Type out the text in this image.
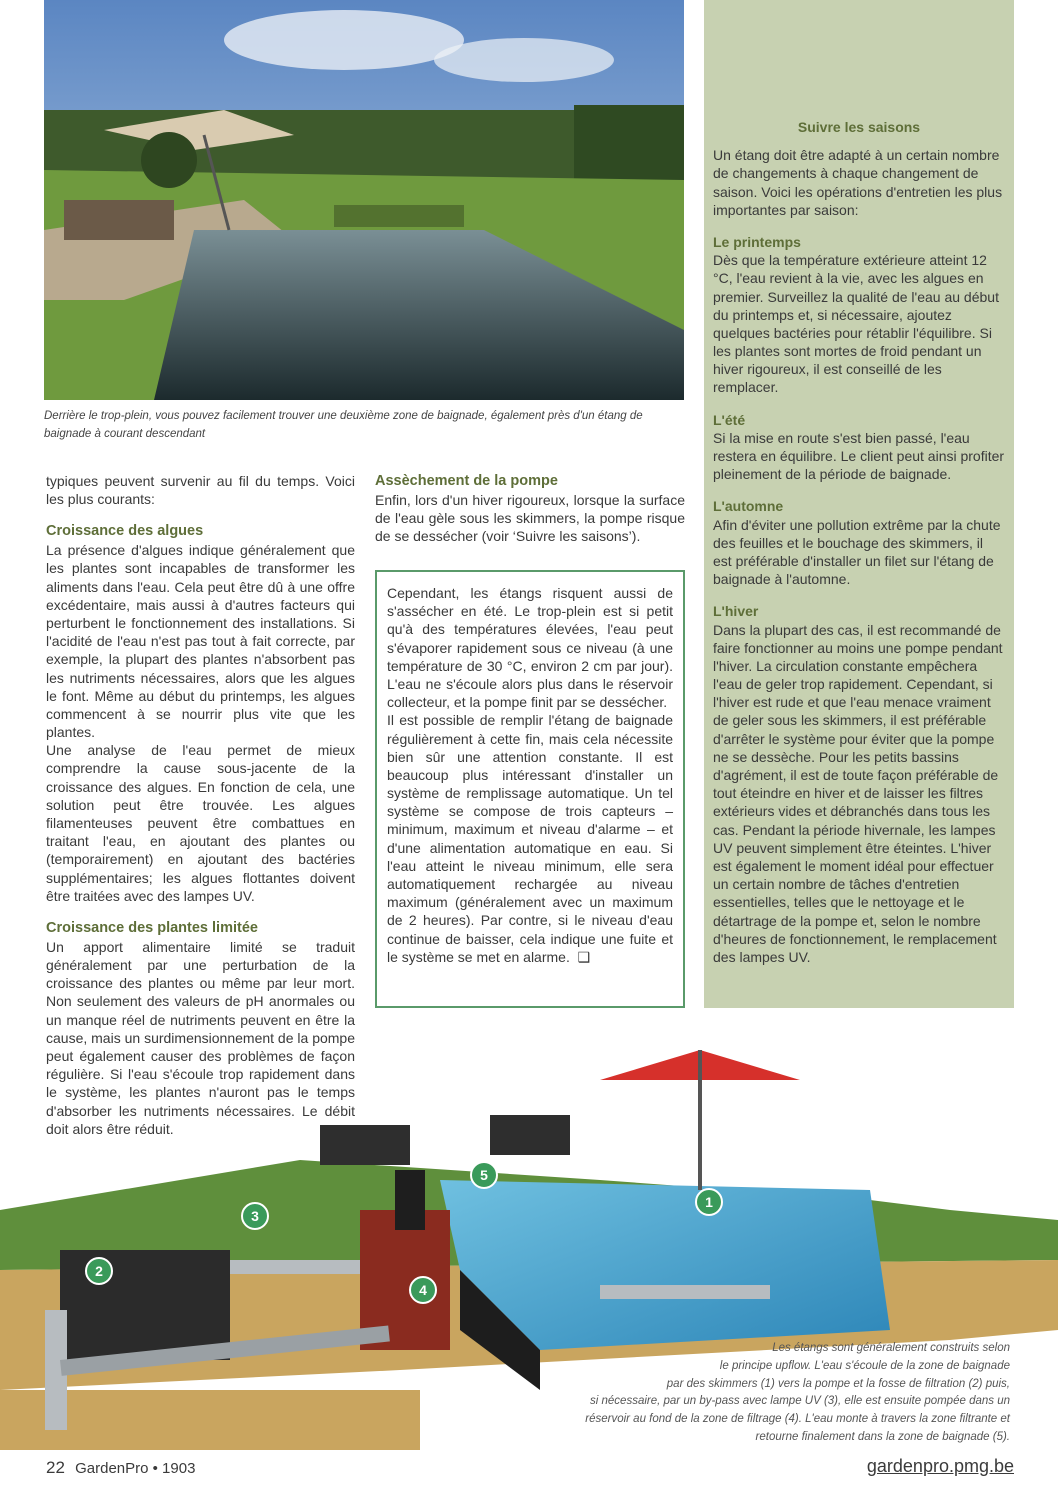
Derrière le trop-plein, vous pouvez facilement trouver une deuxième zone de baignade, également près d'un étang de baignade à courant descendant
Suivre les saisons

Un étang doit être adapté à un certain nombre de changements à chaque changement de saison. Voici les opérations d'entretien les plus importantes par saison:

Le printemps

Dès que la température extérieure atteint 12 °C, l'eau revient à la vie, avec les algues en premier. Surveillez la qualité de l'eau au début du printemps et, si nécessaire, ajoutez quelques bactéries pour rétablir l'équilibre. Si les plantes sont mortes de froid pendant un hiver rigoureux, il est conseillé de les remplacer.

L'été

Si la mise en route s'est bien passé, l'eau restera en équilibre. Le client peut ainsi profiter pleinement de la période de baignade.

L'automne

Afin d'éviter une pollution extrême par la chute des feuilles et le bouchage des skimmers, il est préférable d'installer un filet sur l'étang de baignade à l'automne.

L'hiver

Dans la plupart des cas, il est recommandé de faire fonctionner au moins une pompe pendant l'hiver. La circulation constante empêchera l'eau de geler trop rapidement. Cependant, si l'hiver est rude et que l'eau menace vraiment de geler sous les skimmers, il est préférable d'arrêter le système pour éviter que la pompe ne se dessèche. Pour les petits bassins d'agrément, il est de toute façon préférable de tout éteindre en hiver et de laisser les filtres extérieurs vides et débranchés dans tous les cas. Pendant la période hivernale, les lampes UV peuvent simplement être éteintes. L'hiver est également le moment idéal pour effectuer un certain nombre de tâches d'entretien essentielles, telles que le nettoyage et le détartrage de la pompe et, selon le nombre d'heures de fonctionnement, le remplacement des lampes UV.

typiques peuvent survenir au fil du temps. Voici les plus courants:

Croissance des algues

La présence d'algues indique généralement que les plantes sont incapables de transformer les aliments dans l'eau. Cela peut être dû à une offre excédentaire, mais aussi à d'autres facteurs qui perturbent le fonctionnement des installations. Si l'acidité de l'eau n'est pas tout à fait correcte, par exemple, la plupart des plantes n'absorbent pas les nutriments nécessaires, alors que les algues le font. Même au début du printemps, les algues commencent à se nourrir plus vite que les plantes.

Une analyse de l'eau permet de mieux comprendre la cause sous-jacente de la croissance des algues. En fonction de cela, une solution peut être trouvée. Les algues filamenteuses peuvent être combattues en traitant l'eau, en ajoutant des plantes ou (temporairement) en ajoutant des bactéries supplémentaires; les algues flottantes doivent être traitées avec des lampes UV.

Croissance des plantes limitée

Un apport alimentaire limité se traduit généralement par une perturbation de la croissance des plantes ou même par leur mort. Non seulement des valeurs de pH anormales ou un manque réel de nutriments peuvent en être la cause, mais un surdimensionnement de la pompe peut également causer des problèmes de façon régulière. Si l'eau s'écoule trop rapidement dans le système, les plantes n'auront pas le temps d'absorber les nutriments nécessaires. Le débit doit alors être réduit.

Assèchement de la pompe

Enfin, lors d'un hiver rigoureux, lorsque la surface de l'eau gèle sous les skimmers, la pompe risque de se dessécher (voir ‘Suivre les saisons’).

Cependant, les étangs risquent aussi de s'assécher en été. Le trop-plein est si petit qu'à des températures élevées, l'eau peut s'évaporer rapidement sous ce niveau (à une température de 30 °C, environ 2 cm par jour). L'eau ne s'écoule alors plus dans le réservoir collecteur, et la pompe finit par se dessécher.

Il est possible de remplir l'étang de baignade régulièrement à cette fin, mais cela nécessite bien sûr une attention constante. Il est beaucoup plus intéressant d'installer un système de remplissage automatique. Un tel système se compose de trois capteurs – minimum, maximum et niveau d'alarme – et d'une alimentation automatique en eau. Si l'eau atteint le niveau minimum, elle sera automatiquement rechargée au niveau maximum (généralement avec un maximum de 2 heures). Par contre, si le niveau d'eau continue de baisser, cela indique une fuite et le système se met en alarme. ❑

1
2
3
4
5
Les étangs sont généralement construits selon
le principe upflow. L'eau s'écoule de la zone de baignade
par des skimmers (1) vers la pompe et la fosse de filtration (2) puis,
si nécessaire, par un by-pass avec lampe UV (3), elle est ensuite pompée dans un
réservoir au fond de la zone de filtrage (4). L'eau monte à travers la zone filtrante et
retourne finalement dans la zone de baignade (5).
22 GardenPro • 1903	gardenpro.pmg.be
